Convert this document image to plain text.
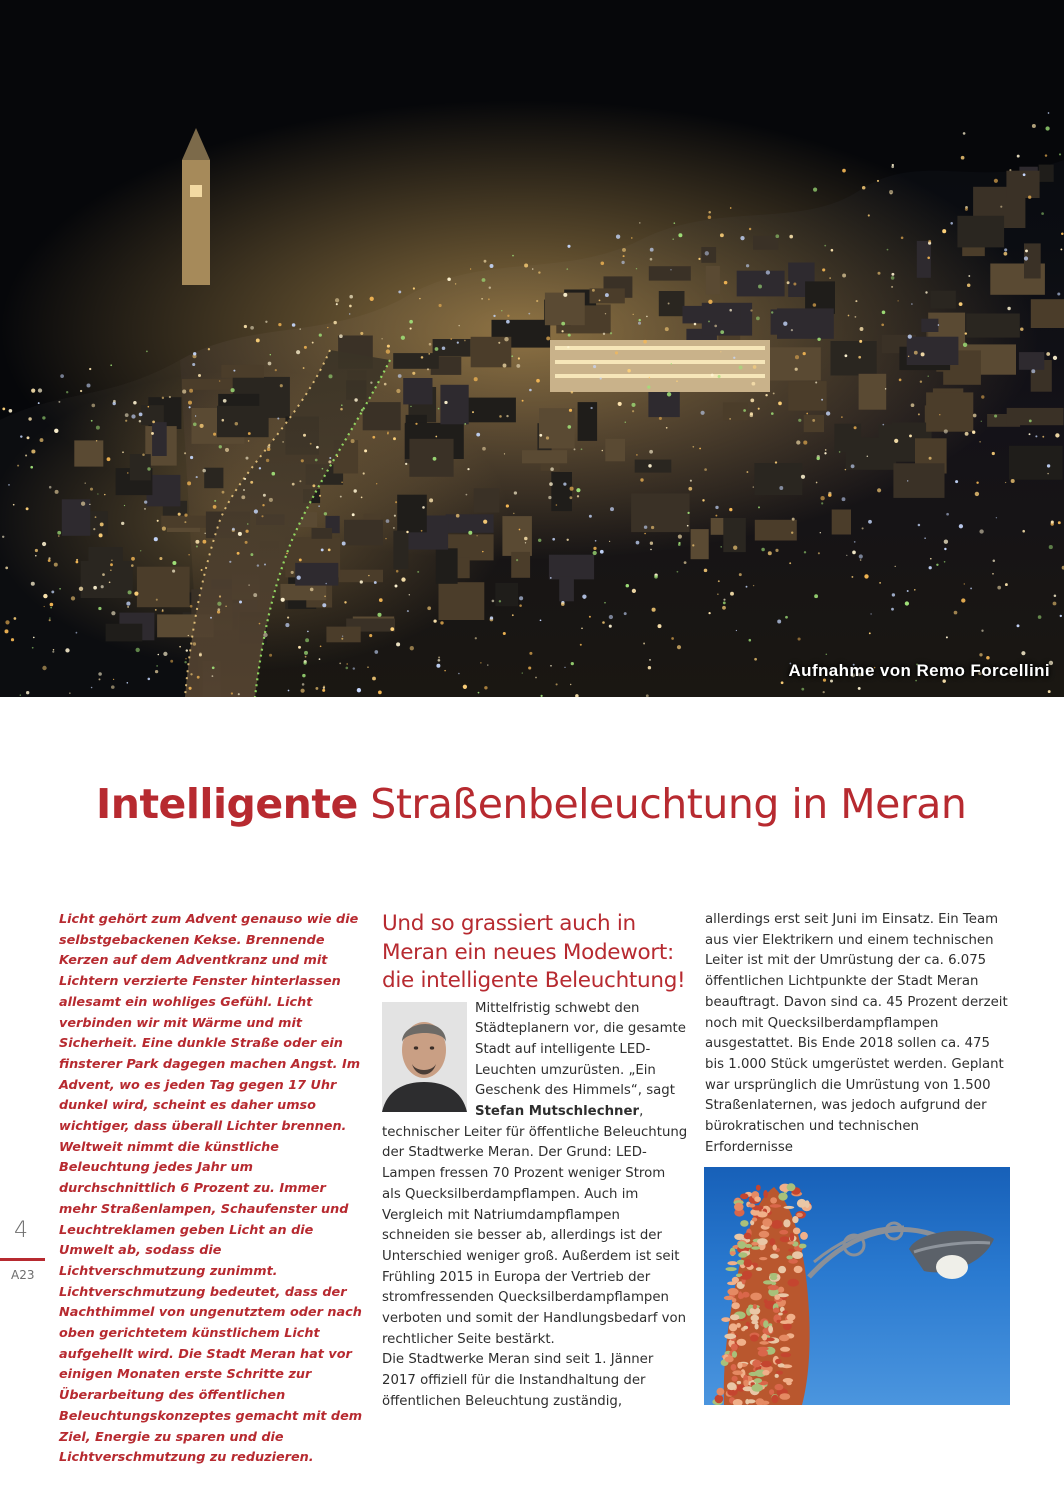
Aufnahme von Remo Forcellini
Intelligente Straßenbeleuchtung in Meran
Licht gehört zum Advent genauso wie die selbstgebackenen Kekse. Brennende Kerzen auf dem Adventkranz und mit Lichtern verzierte Fenster hinterlassen allesamt ein wohliges Gefühl. Licht verbinden wir mit Wärme und mit Sicherheit. Eine dunkle Straße oder ein finsterer Park dagegen machen Angst. Im Advent, wo es jeden Tag gegen 17 Uhr dunkel wird, scheint es daher umso wichtiger, dass überall Lichter brennen. Weltweit nimmt die künstliche Beleuchtung jedes Jahr um durchschnittlich 6 Prozent zu. Immer mehr Straßenlampen, Schaufenster und Leuchtreklamen geben Licht an die Umwelt ab, sodass die Lichtverschmutzung zunimmt. Lichtverschmutzung bedeutet, dass der Nachthimmel von ungenutztem oder nach oben gerichtetem künstlichem Licht aufgehellt wird. Die Stadt Meran hat vor einigen Monaten erste Schritte zur Überarbeitung des öffentlichen Beleuchtungskonzeptes gemacht mit dem Ziel, Energie zu sparen und die Lichtverschmutzung zu reduzieren.
Und so grassiert auch in Meran ein neues Modewort: die intelligente Beleuchtung!

Mittelfristig schwebt den Städteplanern vor, die gesamte Stadt auf intelligente LED-Leuchten umzurüsten. „Ein Geschenk des Himmels“, sagt Stefan Mutschlechner, technischer Leiter für öffentliche Beleuchtung der Stadtwerke Meran. Der Grund: LED-Lampen fressen 70 Prozent weniger Strom als Quecksilberdampflampen. Auch im Vergleich mit Natriumdampflampen schneiden sie besser ab, allerdings ist der Unterschied weniger groß. Außerdem ist seit Frühling 2015 in Europa der Vertrieb der stromfressenden Quecksilberdampflampen verboten und somit der Handlungsbedarf von rechtlicher Seite bestärkt.

Die Stadtwerke Meran sind seit 1. Jänner 2017 offiziell für die Instandhaltung der öffentlichen Beleuchtung zuständig,

allerdings erst seit Juni im Einsatz. Ein Team aus vier Elektrikern und einem technischen Leiter ist mit der Umrüstung der ca. 6.075 öffentlichen Lichtpunkte der Stadt Meran beauftragt. Davon sind ca. 45 Prozent derzeit noch mit Quecksilberdampflampen ausgestattet. Bis Ende 2018 sollen ca. 475 bis 1.000 Stück umgerüstet werden. Geplant war ursprünglich die Umrüstung von 1.500 Straßenlaternen, was jedoch aufgrund der bürokratischen und technischen Erfordernisse
4
A23
